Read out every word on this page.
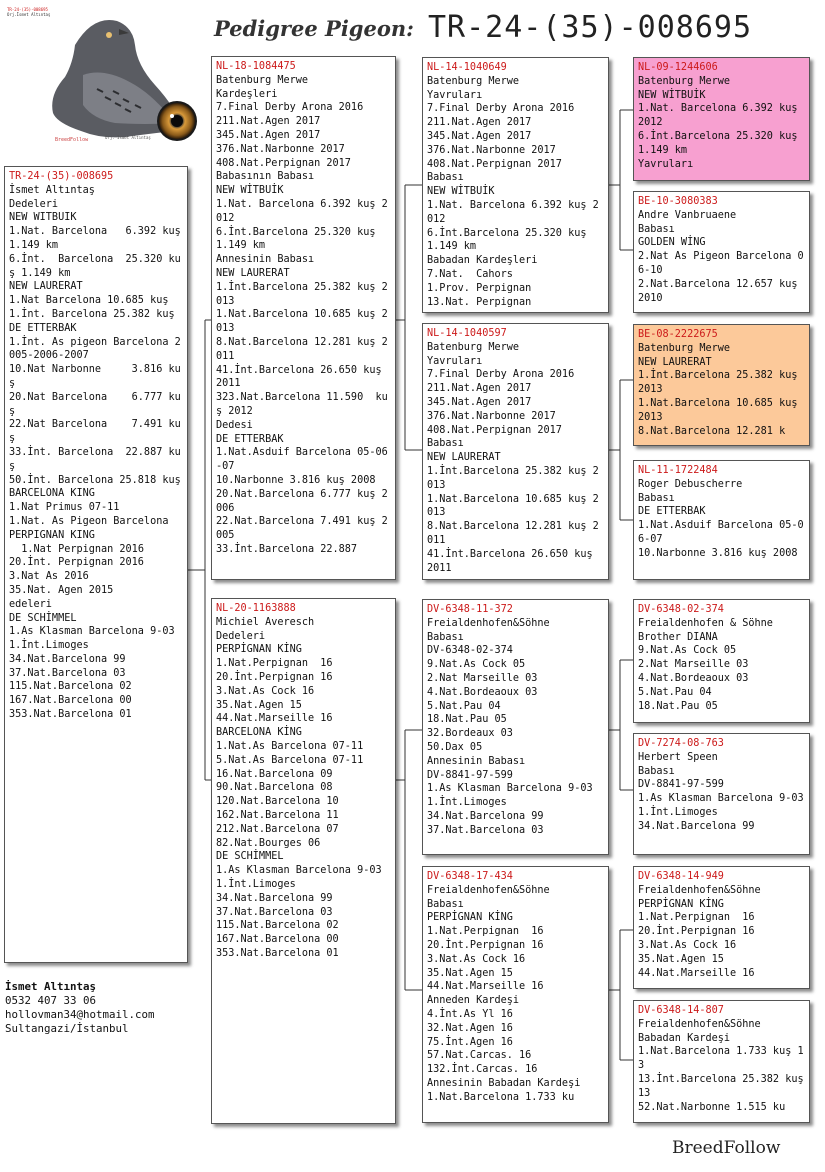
TR-24-(35)-008695
Orj.İsmet Altıntaş
BreedFollow	Orj. İsmet Altıntaş
Pedigree Pigeon: TR-24-(35)-008695
TR-24-(35)-008695
İsmet Altıntaş
Dedeleri
NEW WITBUIK
1.Nat. Barcelona   6.392 kuş  1.149 km
6.İnt.  Barcelona  25.320 kuş 1.149 km
NEW LAURERAT
1.Nat Barcelona 10.685 kuş
1.İnt. Barcelona 25.382 kuş
DE ETTERBAK
1.İnt. As pigeon Barcelona 2005-2006-2007
10.Nat Narbonne     3.816 kuş
20.Nat Barcelona    6.777 kuş
22.Nat Barcelona    7.491 kuş
33.İnt. Barcelona  22.887 kuş
50.İnt. Barcelona 25.818 kuş
BARCELONA KING
1.Nat Primus 07-11
1.Nat. As Pigeon Barcelona
PERPIGNAN KING
1.Nat Perpignan 2016
20.İnt. Perpignan 2016
3.Nat As 2016
35.Nat. Agen 2015
edeleri
DE SCHİMMEL
1.As Klasman Barcelona 9-03
1.İnt.Limoges
34.Nat.Barcelona 99
37.Nat.Barcelona 03
115.Nat.Barcelona 02
167.Nat.Barcelona 00
353.Nat.Barcelona 01
NL-18-1084475
Batenburg Merwe
Kardeşleri
7.Final Derby Arona 2016
211.Nat.Agen 2017
345.Nat.Agen 2017
376.Nat.Narbonne 2017
408.Nat.Perpignan 2017
Babasının Babası
NEW WİTBUİK
1.Nat. Barcelona 6.392 kuş 2012
6.İnt.Barcelona 25.320 kuş 1.149 km
Annesinin Babası
NEW LAURERAT
1.İnt.Barcelona 25.382 kuş 2013
1.Nat.Barcelona 10.685 kuş 2013
8.Nat.Barcelona 12.281 kuş 2011
41.İnt.Barcelona 26.650 kuş 2011
323.Nat.Barcelona 11.590  kuş 2012
Dedesi
DE ETTERBAK
1.Nat.Asduif Barcelona 05-06-07
10.Narbonne 3.816 kuş 2008
20.Nat.Barcelona 6.777 kuş 2006
22.Nat.Barcelona 7.491 kuş 2005
33.İnt.Barcelona 22.887
NL-20-1163888
Michiel Averesch
Dedeleri
PERPİGNAN KİNG
1.Nat.Perpignan  16
20.İnt.Perpignan 16
3.Nat.As Cock 16
35.Nat.Agen 15
44.Nat.Marseille 16
BARCELONA KİNG
1.Nat.As Barcelona 07-11
5.Nat.As Barcelona 07-11
16.Nat.Barcelona 09
90.Nat.Barcelona 08
120.Nat.Barcelona 10
162.Nat.Barcelona 11
212.Nat.Barcelona 07
82.Nat.Bourges 06
DE SCHİMMEL
1.As Klasman Barcelona 9-03
1.İnt.Limoges
34.Nat.Barcelona 99
37.Nat.Barcelona 03
115.Nat.Barcelona 02
167.Nat.Barcelona 00
353.Nat.Barcelona 01
NL-14-1040649
Batenburg Merwe
Yavruları
7.Final Derby Arona 2016
211.Nat.Agen 2017
345.Nat.Agen 2017
376.Nat.Narbonne 2017
408.Nat.Perpignan 2017
Babası
NEW WİTBUİK
1.Nat. Barcelona 6.392 kuş 2012
6.İnt.Barcelona 25.320 kuş 1.149 km
Babadan Kardeşleri
7.Nat.  Cahors
1.Prov. Perpignan
13.Nat. Perpignan
NL-14-1040597
Batenburg Merwe
Yavruları
7.Final Derby Arona 2016
211.Nat.Agen 2017
345.Nat.Agen 2017
376.Nat.Narbonne 2017
408.Nat.Perpignan 2017
Babası
NEW LAURERAT
1.İnt.Barcelona 25.382 kuş 2013
1.Nat.Barcelona 10.685 kuş 2013
8.Nat.Barcelona 12.281 kuş 2011
41.İnt.Barcelona 26.650 kuş 2011
DV-6348-11-372
Freialdenhofen&Söhne
Babası
DV-6348-02-374
9.Nat.As Cock 05
2.Nat Marseille 03
4.Nat.Bordeaoux 03
5.Nat.Pau 04
18.Nat.Pau 05
32.Bordeaux 03
50.Dax 05
Annesinin Babası
DV-8841-97-599
1.As Klasman Barcelona 9-03
1.İnt.Limoges
34.Nat.Barcelona 99
37.Nat.Barcelona 03
DV-6348-17-434
Freialdenhofen&Söhne
Babası
PERPİGNAN KİNG
1.Nat.Perpignan  16
20.İnt.Perpignan 16
3.Nat.As Cock 16
35.Nat.Agen 15
44.Nat.Marseille 16
Anneden Kardeşi
4.İnt.As Yl 16
32.Nat.Agen 16
75.İnt.Agen 16
57.Nat.Carcas. 16
132.İnt.Carcas. 16
Annesinin Babadan Kardeşi
1.Nat.Barcelona 1.733 ku
NL-09-1244606
Batenburg Merwe
NEW WİTBUİK
1.Nat. Barcelona 6.392 kuş 2012
6.İnt.Barcelona 25.320 kuş 1.149 km
Yavruları
BE-10-3080383
Andre Vanbruaene
Babası
GOLDEN WİNG
2.Nat As Pigeon Barcelona 06-10
2.Nat.Barcelona 12.657 kuş 2010
BE-08-2222675
Batenburg Merwe
NEW LAURERAT
1.İnt.Barcelona 25.382 kuş 2013
1.Nat.Barcelona 10.685 kuş 2013
8.Nat.Barcelona 12.281 k
NL-11-1722484
Roger Debuscherre
Babası
DE ETTERBAK
1.Nat.Asduif Barcelona 05-06-07
10.Narbonne 3.816 kuş 2008
DV-6348-02-374
Freialdenhofen & Söhne
Brother DIANA
9.Nat.As Cock 05
2.Nat Marseille 03
4.Nat.Bordeaoux 03
5.Nat.Pau 04
18.Nat.Pau 05
DV-7274-08-763
Herbert Speen
Babası
DV-8841-97-599
1.As Klasman Barcelona 9-03
1.İnt.Limoges
34.Nat.Barcelona 99
DV-6348-14-949
Freialdenhofen&Söhne
PERPİGNAN KİNG
1.Nat.Perpignan  16
20.İnt.Perpignan 16
3.Nat.As Cock 16
35.Nat.Agen 15
44.Nat.Marseille 16
DV-6348-14-807
Freialdenhofen&Söhne
Babadan Kardeşi
1.Nat.Barcelona 1.733 kuş 13
13.İnt.Barcelona 25.382 kuş 13
52.Nat.Narbonne 1.515 ku
İsmet Altıntaş
0532 407 33 06
hollovman34@hotmail.com
Sultangazi/İstanbul
BreedFollow
